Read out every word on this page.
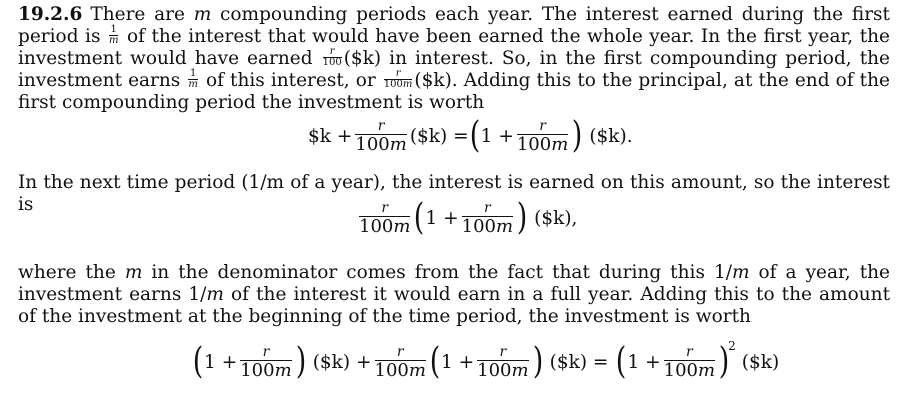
19.2.6 There are m compounding periods each year. The interest earned during the first period is $\frac{1}{m}$ of the interest that would have been earned the whole year. In the first year, the investment would have earned $\frac{r}{100}$ ($k) in interest. So, in the first compounding period, the investment earns $\frac{1}{m}$ of this interest, or $\frac{r}{100m}$ ($k). Adding this to the principal, at the end of the first compounding period the investment is worth
$k + $\frac{r}{100m}$ ($k) = ( $1 + \frac{r}{100m}$ ) ($k).
In the next time period (1/m of a year), the interest is earned on this amount, so the interest is	$\frac{r}{100m}$ ( $1 + \frac{r}{100m}$ ) ($k),
where the m in the denominator comes from the fact that during this 1/m of a year, the investment earns 1/m of the interest it would earn in a full year. Adding this to the amount of the investment at the beginning of the time period, the investment is worth
( $1 + \frac{r}{100m}$ ) ($k) + $\frac{r}{100m}$ ( $1 + \frac{r}{100m}$ ) ($k) = ( $1 + \frac{r}{100m}$ )
2
($k)
